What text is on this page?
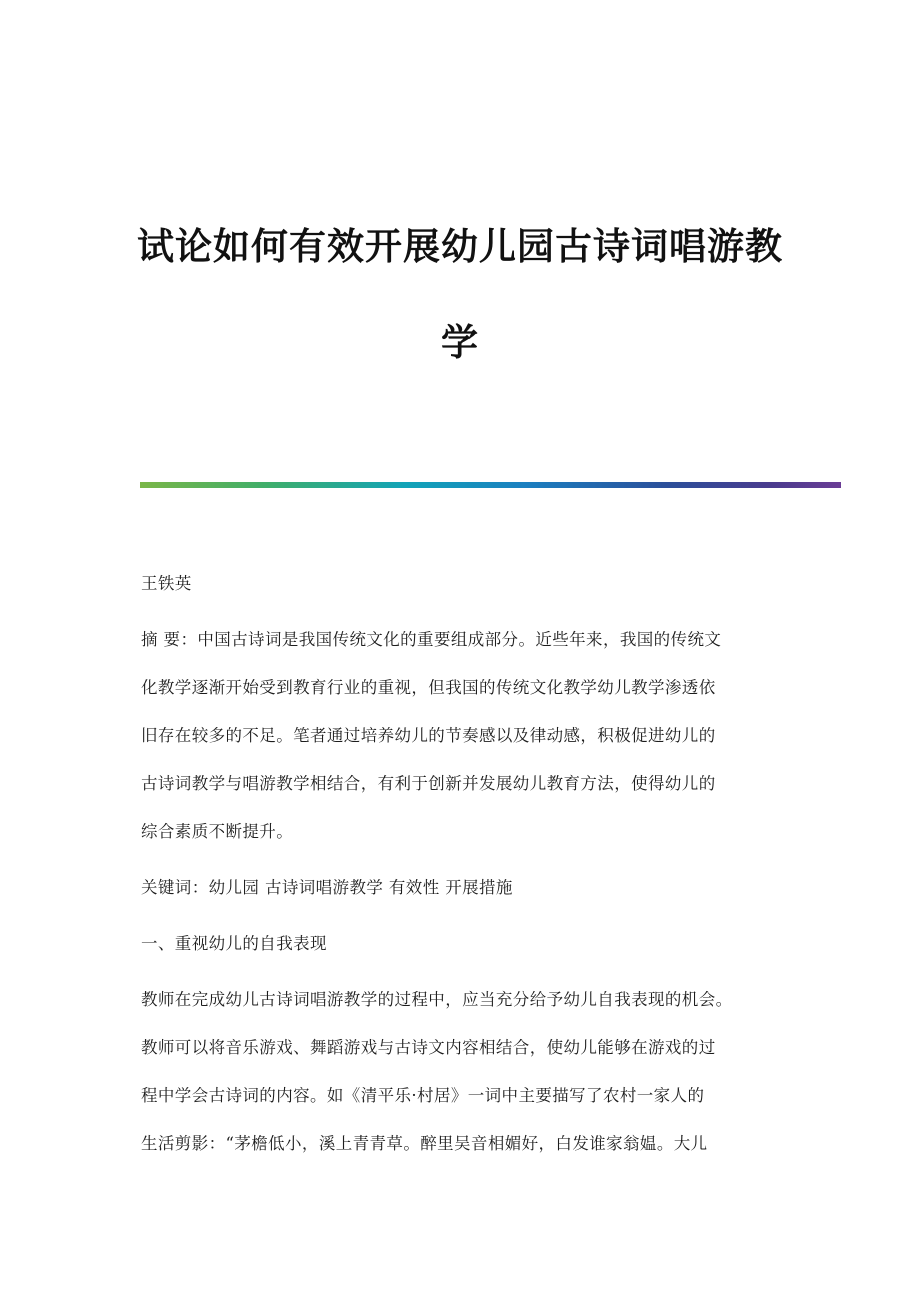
试论如何有效开展幼儿园古诗词唱游教
学
王铁英
摘 要：中国古诗词是我国传统文化的重要组成部分。近些年来，我国的传统文
化教学逐渐开始受到教育行业的重视，但我国的传统文化教学幼儿教学渗透依
旧存在较多的不足。笔者通过培养幼儿的节奏感以及律动感，积极促进幼儿的
古诗词教学与唱游教学相结合，有利于创新并发展幼儿教育方法，使得幼儿的
综合素质不断提升。
关键词：幼儿园 古诗词唱游教学 有效性 开展措施
一、重视幼儿的自我表现
教师在完成幼儿古诗词唱游教学的过程中，应当充分给予幼儿自我表现的机会。
教师可以将音乐游戏、舞蹈游戏与古诗文内容相结合，使幼儿能够在游戏的过
程中学会古诗词的内容。如《清平乐·村居》一词中主要描写了农村一家人的
生活剪影：“茅檐低小，溪上青青草。醉里吴音相媚好，白发谁家翁媪。大儿
